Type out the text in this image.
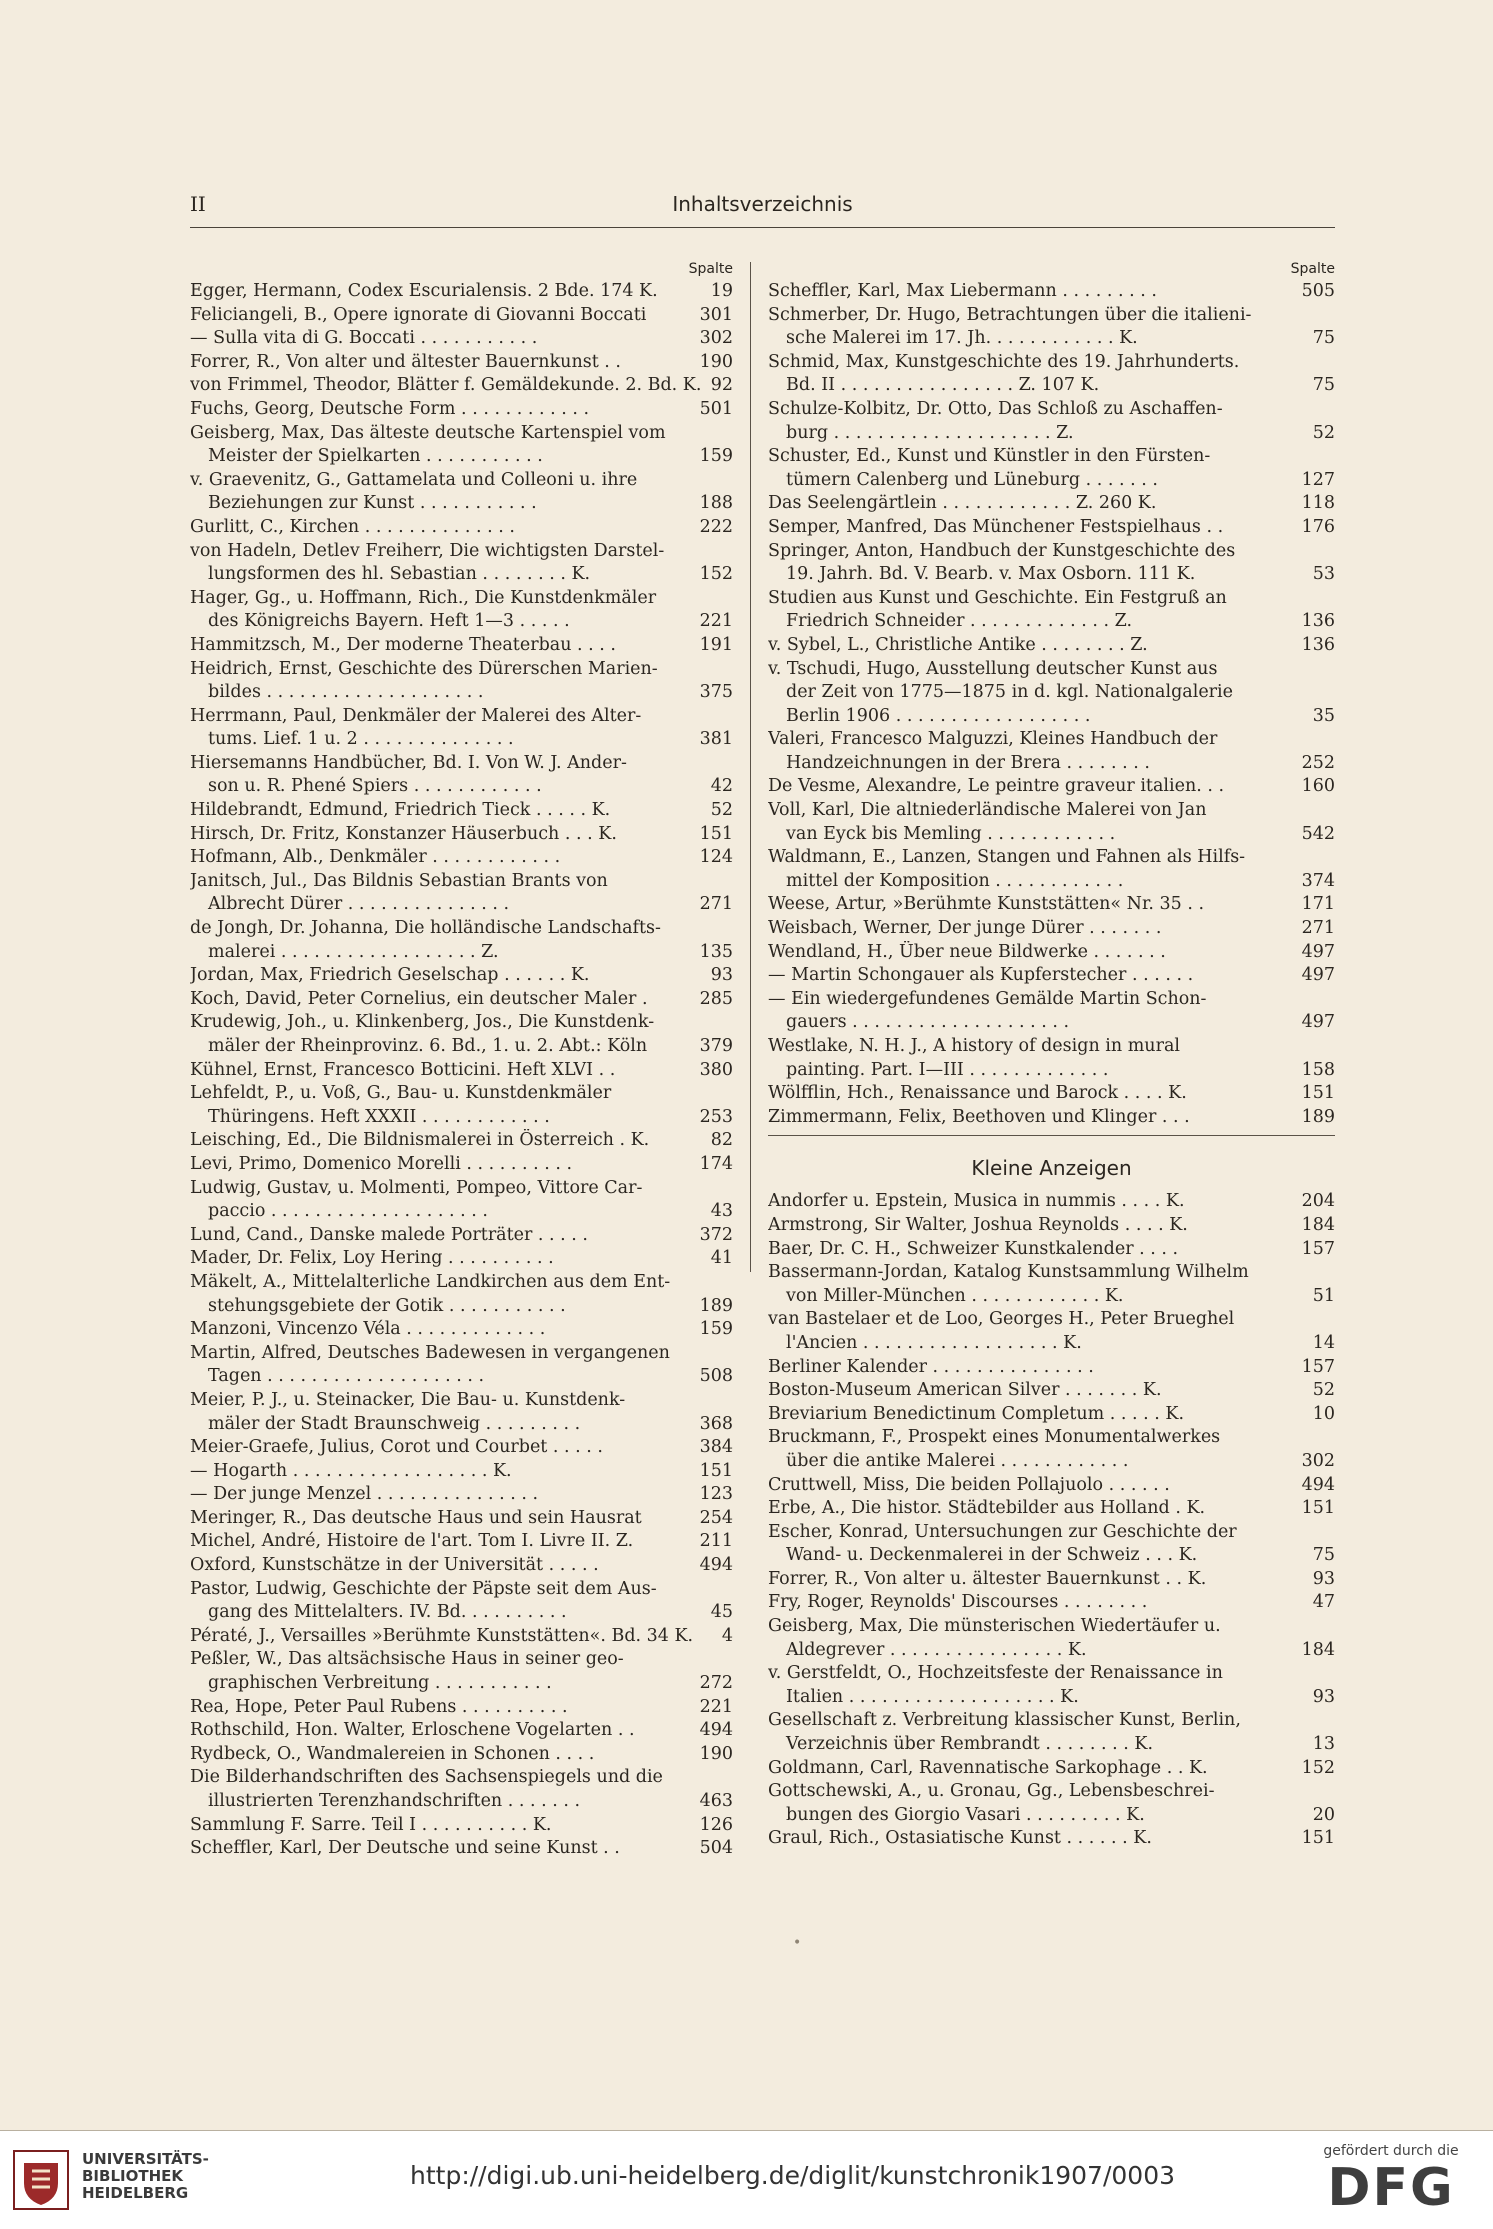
II	Inhaltsverzeichnis
Spalte
Egger, Hermann, Codex Escurialensis. 2 Bde. 174 K.	19
Feliciangeli, B., Opere ignorate di Giovanni Boccati	301
— Sulla vita di G. Boccati . . . . . . . . . . .	302
Forrer, R., Von alter und ältester Bauernkunst . .	190
von Frimmel, Theodor, Blätter f. Gemäldekunde. 2. Bd. K. 92
Fuchs, Georg, Deutsche Form . . . . . . . . . . . .	501
Geisberg, Max, Das älteste deutsche Kartenspiel vom
Meister der Spielkarten . . . . . . . . . . .	159
v. Graevenitz, G., Gattamelata und Colleoni u. ihre
Beziehungen zur Kunst . . . . . . . . . . .	188
Gurlitt, C., Kirchen . . . . . . . . . . . . . .	222
von Hadeln, Detlev Freiherr, Die wichtigsten Darstel-
lungsformen des hl. Sebastian . . . . . . . . K.	152
Hager, Gg., u. Hoffmann, Rich., Die Kunstdenkmäler
des Königreichs Bayern. Heft 1—3 . . . . .	221
Hammitzsch, M., Der moderne Theaterbau . . . .	191
Heidrich, Ernst, Geschichte des Dürerschen Marien-
bildes . . . . . . . . . . . . . . . . . . . .	375
Herrmann, Paul, Denkmäler der Malerei des Alter-
tums. Lief. 1 u. 2 . . . . . . . . . . . . . .	381
Hiersemanns Handbücher, Bd. I. Von W. J. Ander-
son u. R. Phené Spiers . . . . . . . . . . . .	42
Hildebrandt, Edmund, Friedrich Tieck . . . . . K.	52
Hirsch, Dr. Fritz, Konstanzer Häuserbuch . . . K.	151
Hofmann, Alb., Denkmäler . . . . . . . . . . . .	124
Janitsch, Jul., Das Bildnis Sebastian Brants von
Albrecht Dürer . . . . . . . . . . . . . . .	271
de Jongh, Dr. Johanna, Die holländische Landschafts-
malerei . . . . . . . . . . . . . . . . . . Z.	135
Jordan, Max, Friedrich Geselschap . . . . . . K.	93
Koch, David, Peter Cornelius, ein deutscher Maler .	285
Krudewig, Joh., u. Klinkenberg, Jos., Die Kunstdenk-
mäler der Rheinprovinz. 6. Bd., 1. u. 2. Abt.: Köln	379
Kühnel, Ernst, Francesco Botticini. Heft XLVI . .	380
Lehfeldt, P., u. Voß, G., Bau- u. Kunstdenkmäler
Thüringens. Heft XXXII . . . . . . . . . . . .	253
Leisching, Ed., Die Bildnismalerei in Österreich . K.	82
Levi, Primo, Domenico Morelli . . . . . . . . . .	174
Ludwig, Gustav, u. Molmenti, Pompeo, Vittore Car-
paccio . . . . . . . . . . . . . . . . . . . .	43
Lund, Cand., Danske malede Porträter . . . . .	372
Mader, Dr. Felix, Loy Hering . . . . . . . . . .	41
Mäkelt, A., Mittelalterliche Landkirchen aus dem Ent-
stehungsgebiete der Gotik . . . . . . . . . . .	189
Manzoni, Vincenzo Véla . . . . . . . . . . . . .	159
Martin, Alfred, Deutsches Badewesen in vergangenen
Tagen . . . . . . . . . . . . . . . . . . . .	508
Meier, P. J., u. Steinacker, Die Bau- u. Kunstdenk-
mäler der Stadt Braunschweig . . . . . . . . .	368
Meier-Graefe, Julius, Corot und Courbet . . . . .	384
— Hogarth . . . . . . . . . . . . . . . . . . K.	151
— Der junge Menzel . . . . . . . . . . . . . . .	123
Meringer, R., Das deutsche Haus und sein Hausrat	254
Michel, André, Histoire de l'art. Tom I. Livre II. Z.	211
Oxford, Kunstschätze in der Universität . . . . .	494
Pastor, Ludwig, Geschichte der Päpste seit dem Aus-
gang des Mittelalters. IV. Bd. . . . . . . . . .	45
Pératé, J., Versailles »Berühmte Kunststätten«. Bd. 34 K.	4
Peßler, W., Das altsächsische Haus in seiner geo-
graphischen Verbreitung . . . . . . . . . . .	272
Rea, Hope, Peter Paul Rubens . . . . . . . . . .	221
Rothschild, Hon. Walter, Erloschene Vogelarten . .	494
Rydbeck, O., Wandmalereien in Schonen . . . .	190
Die Bilderhandschriften des Sachsenspiegels und die
illustrierten Terenzhandschriften . . . . . . .	463
Sammlung F. Sarre. Teil I . . . . . . . . . . K.	126
Scheffler, Karl, Der Deutsche und seine Kunst . .	504
Spalte
Scheffler, Karl, Max Liebermann . . . . . . . . .	505
Schmerber, Dr. Hugo, Betrachtungen über die italieni-
sche Malerei im 17. Jh. . . . . . . . . . . . K.	75
Schmid, Max, Kunstgeschichte des 19. Jahrhunderts.
Bd. II . . . . . . . . . . . . . . . . Z. 107 K.	75
Schulze-Kolbitz, Dr. Otto, Das Schloß zu Aschaffen-
burg . . . . . . . . . . . . . . . . . . . . Z.	52
Schuster, Ed., Kunst und Künstler in den Fürsten-
tümern Calenberg und Lüneburg . . . . . . .	127
Das Seelengärtlein . . . . . . . . . . . . Z. 260 K.	118
Semper, Manfred, Das Münchener Festspielhaus . .	176
Springer, Anton, Handbuch der Kunstgeschichte des
19. Jahrh. Bd. V. Bearb. v. Max Osborn. 111 K.	53
Studien aus Kunst und Geschichte. Ein Festgruß an
Friedrich Schneider . . . . . . . . . . . . . Z.	136
v. Sybel, L., Christliche Antike . . . . . . . . Z.	136
v. Tschudi, Hugo, Ausstellung deutscher Kunst aus
der Zeit von 1775—1875 in d. kgl. Nationalgalerie
Berlin 1906 . . . . . . . . . . . . . . . . . .	35
Valeri, Francesco Malguzzi, Kleines Handbuch der
Handzeichnungen in der Brera . . . . . . . .	252
De Vesme, Alexandre, Le peintre graveur italien. . .	160
Voll, Karl, Die altniederländische Malerei von Jan
van Eyck bis Memling . . . . . . . . . . . .	542
Waldmann, E., Lanzen, Stangen und Fahnen als Hilfs-
mittel der Komposition . . . . . . . . . . . .	374
Weese, Artur, »Berühmte Kunststätten« Nr. 35 . .	171
Weisbach, Werner, Der junge Dürer . . . . . . .	271
Wendland, H., Über neue Bildwerke . . . . . . .	497
— Martin Schongauer als Kupferstecher . . . . . .	497
— Ein wiedergefundenes Gemälde Martin Schon-
gauers . . . . . . . . . . . . . . . . . . . .	497
Westlake, N. H. J., A history of design in mural
painting. Part. I—III . . . . . . . . . . . . .	158
Wölfflin, Hch., Renaissance und Barock . . . . K.	151
Zimmermann, Felix, Beethoven und Klinger . . .	189
Kleine Anzeigen
Andorfer u. Epstein, Musica in nummis . . . . K.	204
Armstrong, Sir Walter, Joshua Reynolds . . . . K.	184
Baer, Dr. C. H., Schweizer Kunstkalender . . . .	157
Bassermann-Jordan, Katalog Kunstsammlung Wilhelm
von Miller-München . . . . . . . . . . . . K.	51
van Bastelaer et de Loo, Georges H., Peter Brueghel
l'Ancien . . . . . . . . . . . . . . . . . . K.	14
Berliner Kalender . . . . . . . . . . . . . . .	157
Boston-Museum American Silver . . . . . . . K.	52
Breviarium Benedictinum Completum . . . . . K.	10
Bruckmann, F., Prospekt eines Monumentalwerkes
über die antike Malerei . . . . . . . . . . . .	302
Cruttwell, Miss, Die beiden Pollajuolo . . . . . .	494
Erbe, A., Die histor. Städtebilder aus Holland . K.	151
Escher, Konrad, Untersuchungen zur Geschichte der
Wand- u. Deckenmalerei in der Schweiz . . . K.	75
Forrer, R., Von alter u. ältester Bauernkunst . . K.	93
Fry, Roger, Reynolds' Discourses . . . . . . . .	47
Geisberg, Max, Die münsterischen Wiedertäufer u.
Aldegrever . . . . . . . . . . . . . . . . K.	184
v. Gerstfeldt, O., Hochzeitsfeste der Renaissance in
Italien . . . . . . . . . . . . . . . . . . . K.	93
Gesellschaft z. Verbreitung klassischer Kunst, Berlin,
Verzeichnis über Rembrandt . . . . . . . . K.	13
Goldmann, Carl, Ravennatische Sarkophage . . K.	152
Gottschewski, A., u. Gronau, Gg., Lebensbeschrei-
bungen des Giorgio Vasari . . . . . . . . . K.	20
Graul, Rich., Ostasiatische Kunst . . . . . . K.	151
•
UNIVERSITÄTS-
BIBLIOTHEK
HEIDELBERG
http://digi.ub.uni-heidelberg.de/diglit/kunstchronik1907/0003
gefördert durch die
DFG
